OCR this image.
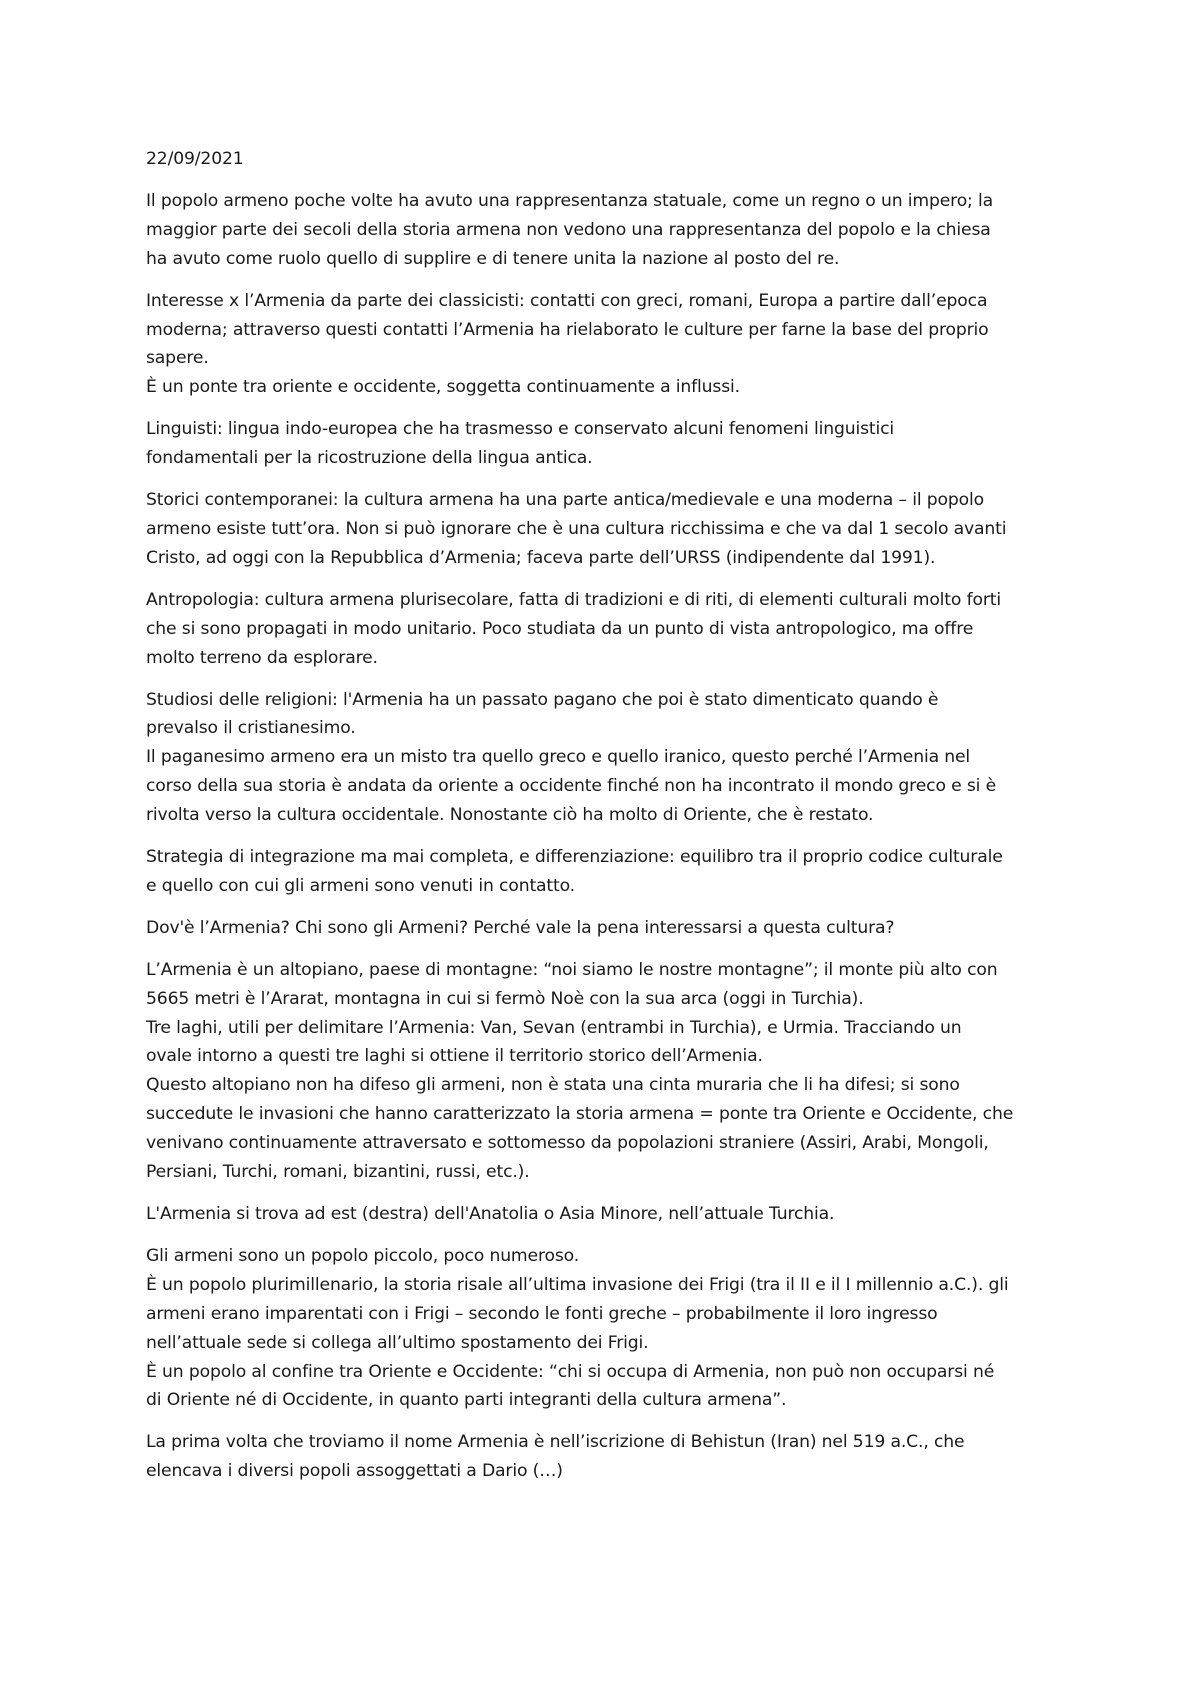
22/09/2021
Il popolo armeno poche volte ha avuto una rappresentanza statuale, come un regno o un impero; la
maggior parte dei secoli della storia armena non vedono una rappresentanza del popolo e la chiesa
ha avuto come ruolo quello di supplire e di tenere unita la nazione al posto del re.
Interesse x l’Armenia da parte dei classicisti: contatti con greci, romani, Europa a partire dall’epoca
moderna; attraverso questi contatti l’Armenia ha rielaborato le culture per farne la base del proprio
sapere.
È un ponte tra oriente e occidente, soggetta continuamente a influssi.
Linguisti: lingua indo-europea che ha trasmesso e conservato alcuni fenomeni linguistici
fondamentali per la ricostruzione della lingua antica.
Storici contemporanei: la cultura armena ha una parte antica/medievale e una moderna – il popolo
armeno esiste tutt’ora. Non si può ignorare che è una cultura ricchissima e che va dal 1 secolo avanti
Cristo, ad oggi con la Repubblica d’Armenia; faceva parte dell’URSS (indipendente dal 1991).
Antropologia: cultura armena plurisecolare, fatta di tradizioni e di riti, di elementi culturali molto forti
che si sono propagati in modo unitario. Poco studiata da un punto di vista antropologico, ma offre
molto terreno da esplorare.
Studiosi delle religioni: l'Armenia ha un passato pagano che poi è stato dimenticato quando è
prevalso il cristianesimo.
Il paganesimo armeno era un misto tra quello greco e quello iranico, questo perché l’Armenia nel
corso della sua storia è andata da oriente a occidente finché non ha incontrato il mondo greco e si è
rivolta verso la cultura occidentale. Nonostante ciò ha molto di Oriente, che è restato.
Strategia di integrazione ma mai completa, e differenziazione: equilibro tra il proprio codice culturale
e quello con cui gli armeni sono venuti in contatto.
Dov'è l’Armenia? Chi sono gli Armeni? Perché vale la pena interessarsi a questa cultura?
L’Armenia è un altopiano, paese di montagne: “noi siamo le nostre montagne”; il monte più alto con
5665 metri è l’Ararat, montagna in cui si fermò Noè con la sua arca (oggi in Turchia).
Tre laghi, utili per delimitare l’Armenia: Van, Sevan (entrambi in Turchia), e Urmia. Tracciando un
ovale intorno a questi tre laghi si ottiene il territorio storico dell’Armenia.
Questo altopiano non ha difeso gli armeni, non è stata una cinta muraria che li ha difesi; si sono
succedute le invasioni che hanno caratterizzato la storia armena = ponte tra Oriente e Occidente, che
venivano continuamente attraversato e sottomesso da popolazioni straniere (Assiri, Arabi, Mongoli,
Persiani, Turchi, romani, bizantini, russi, etc.).
L'Armenia si trova ad est (destra) dell'Anatolia o Asia Minore, nell’attuale Turchia.
Gli armeni sono un popolo piccolo, poco numeroso.
È un popolo plurimillenario, la storia risale all’ultima invasione dei Frigi (tra il II e il I millennio a.C.). gli
armeni erano imparentati con i Frigi – secondo le fonti greche – probabilmente il loro ingresso
nell’attuale sede si collega all’ultimo spostamento dei Frigi.
È un popolo al confine tra Oriente e Occidente: “chi si occupa di Armenia, non può non occuparsi né
di Oriente né di Occidente, in quanto parti integranti della cultura armena”.
La prima volta che troviamo il nome Armenia è nell’iscrizione di Behistun (Iran) nel 519 a.C., che
elencava i diversi popoli assoggettati a Dario (…)
